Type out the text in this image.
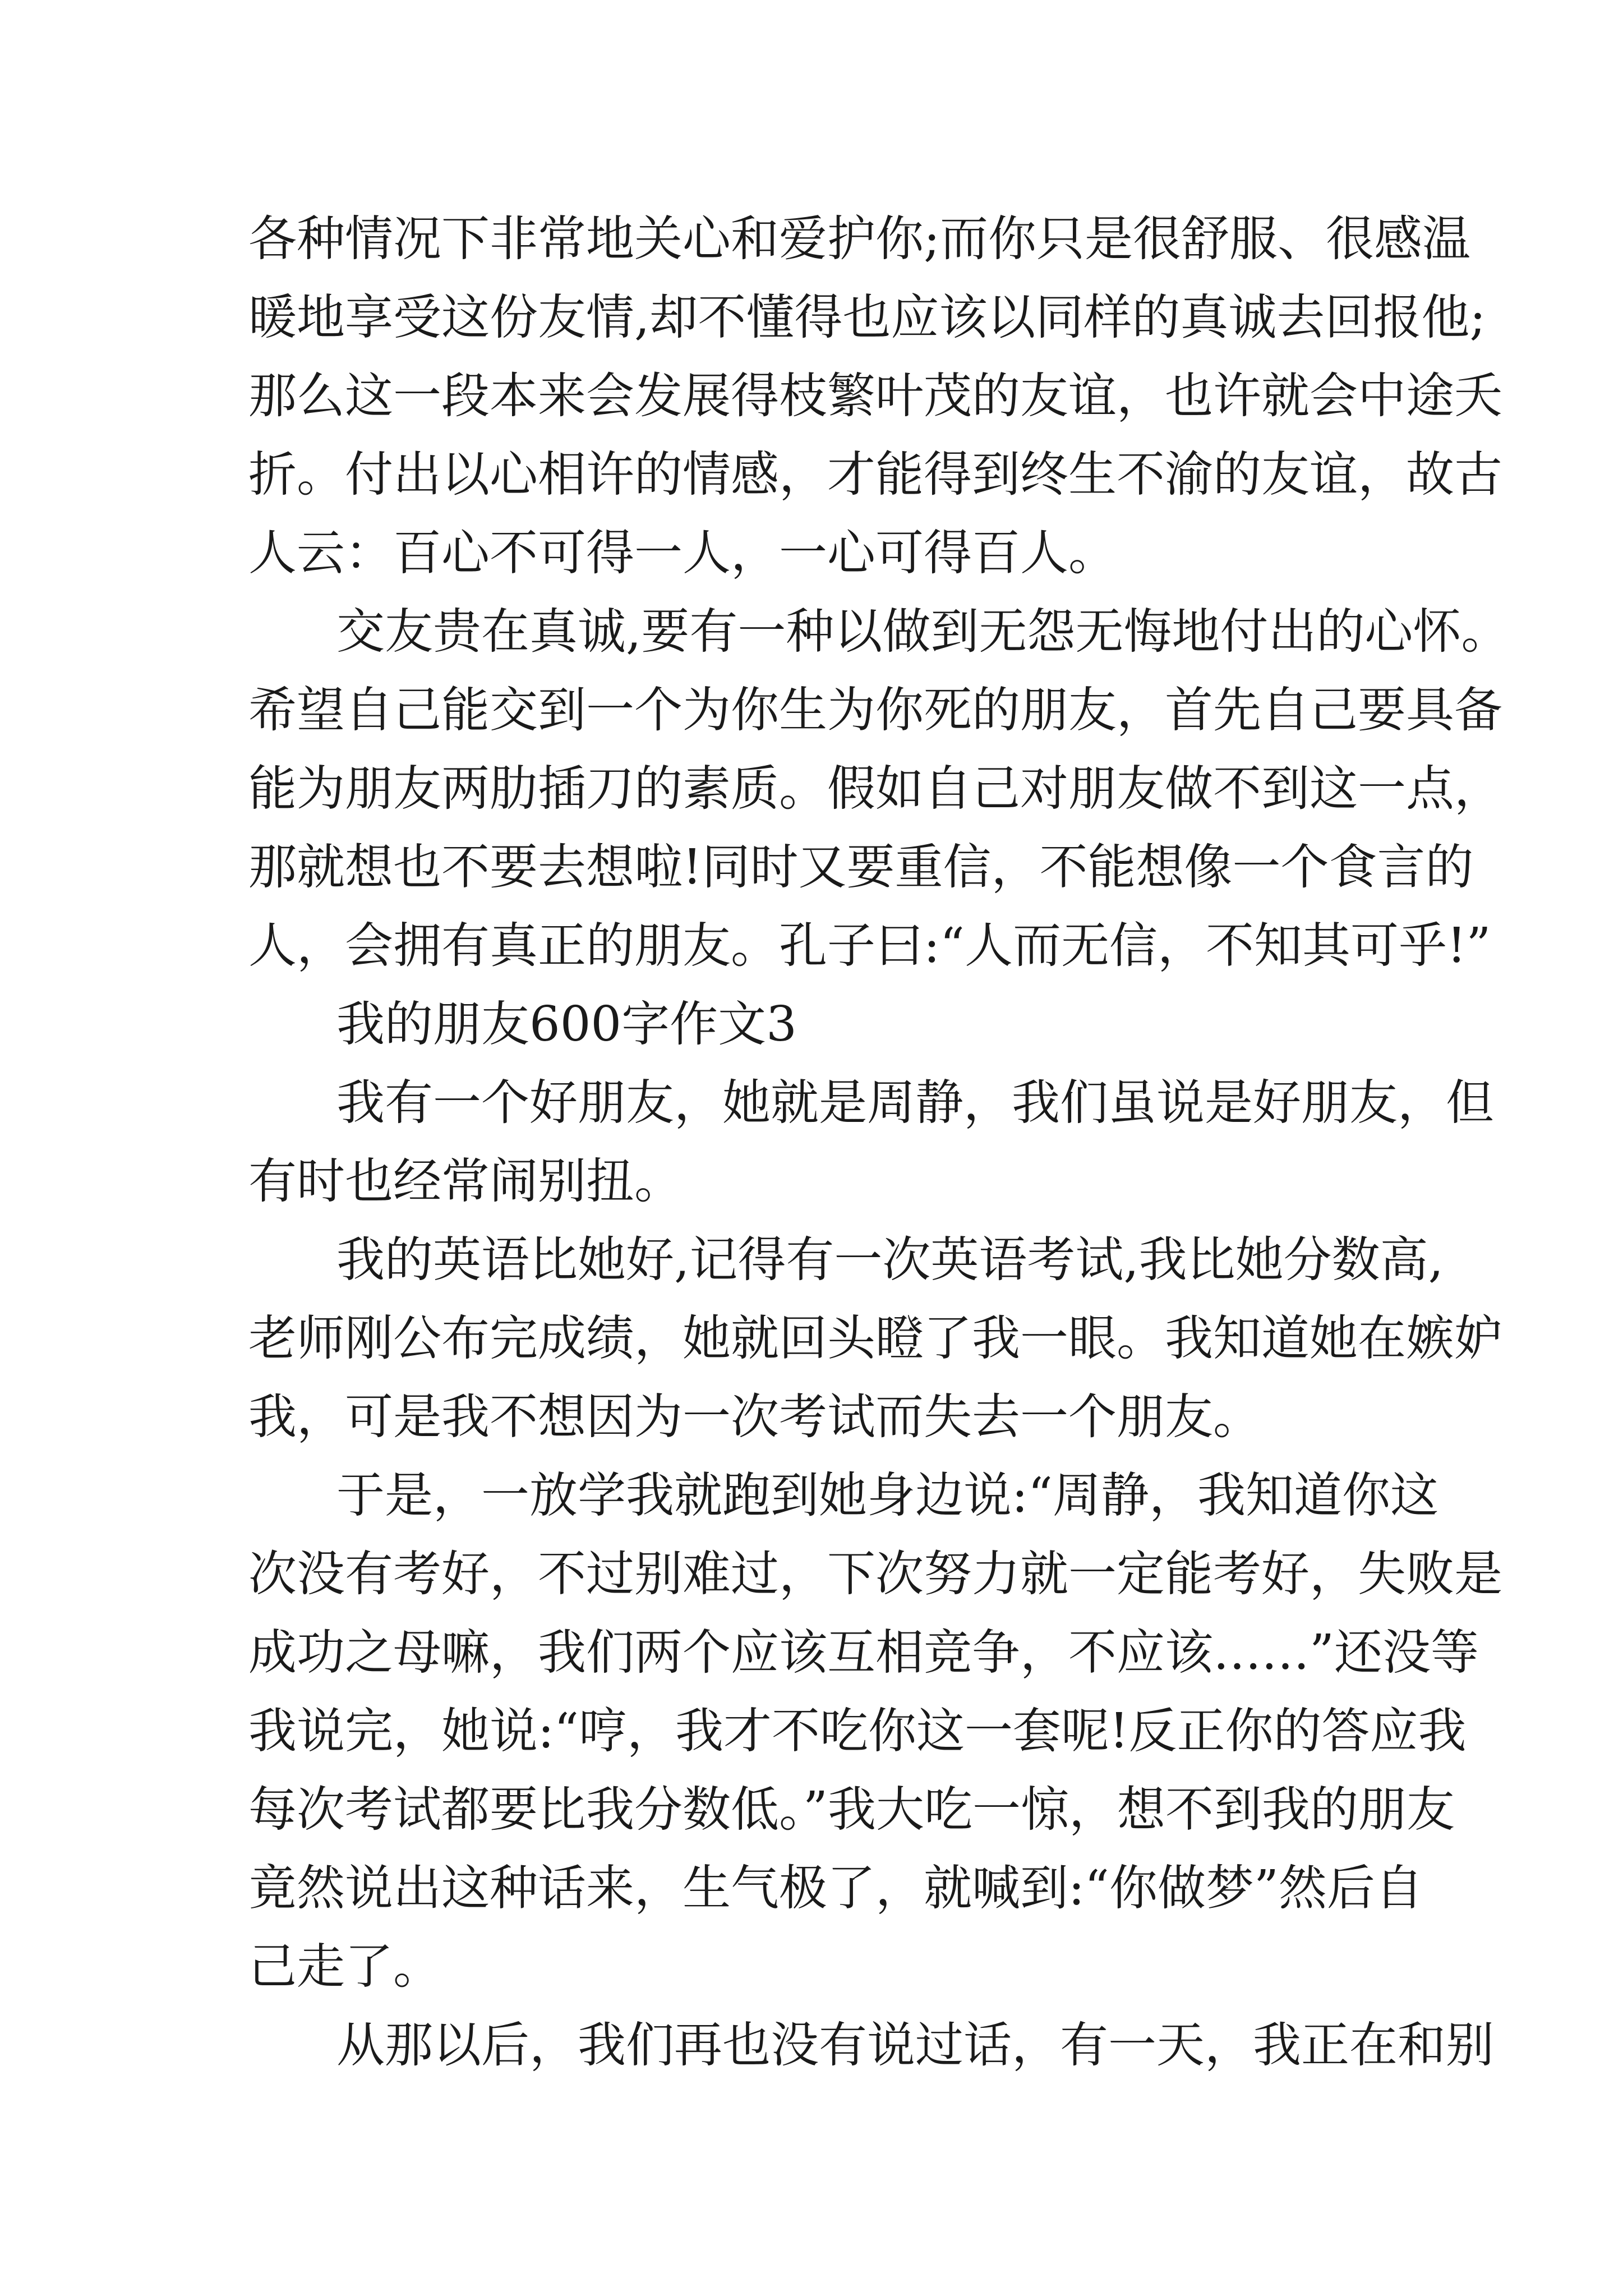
各种情况下非常地关心和爱护你;而你只是很舒服、很感温
暖地享受这份友情,却不懂得也应该以同样的真诚去回报他;
那么这一段本来会发展得枝繁叶茂的友谊，也许就会中途夭
折。付出以心相许的情感，才能得到终生不渝的友谊，故古
人云：百心不可得一人，一心可得百人。
交友贵在真诚,要有一种以做到无怨无悔地付出的心怀。
希望自己能交到一个为你生为你死的朋友，首先自己要具备
能为朋友两肋插刀的素质。假如自己对朋友做不到这一点，
那就想也不要去想啦!同时又要重信，不能想像一个食言的
人，会拥有真正的朋友。孔子曰:“人而无信，不知其可乎!”
我的朋友600字作文3
我有一个好朋友，她就是周静，我们虽说是好朋友，但
有时也经常闹别扭。
我的英语比她好,记得有一次英语考试,我比她分数高,
老师刚公布完成绩，她就回头瞪了我一眼。我知道她在嫉妒
我，可是我不想因为一次考试而失去一个朋友。
于是，一放学我就跑到她身边说:“周静，我知道你这
次没有考好，不过别难过，下次努力就一定能考好，失败是
成功之母嘛，我们两个应该互相竞争，不应该……”还没等
我说完，她说:“哼，我才不吃你这一套呢!反正你的答应我
每次考试都要比我分数低。”我大吃一惊，想不到我的朋友
竟然说出这种话来，生气极了，就喊到:“你做梦”然后自
己走了。
从那以后，我们再也没有说过话，有一天，我正在和别
